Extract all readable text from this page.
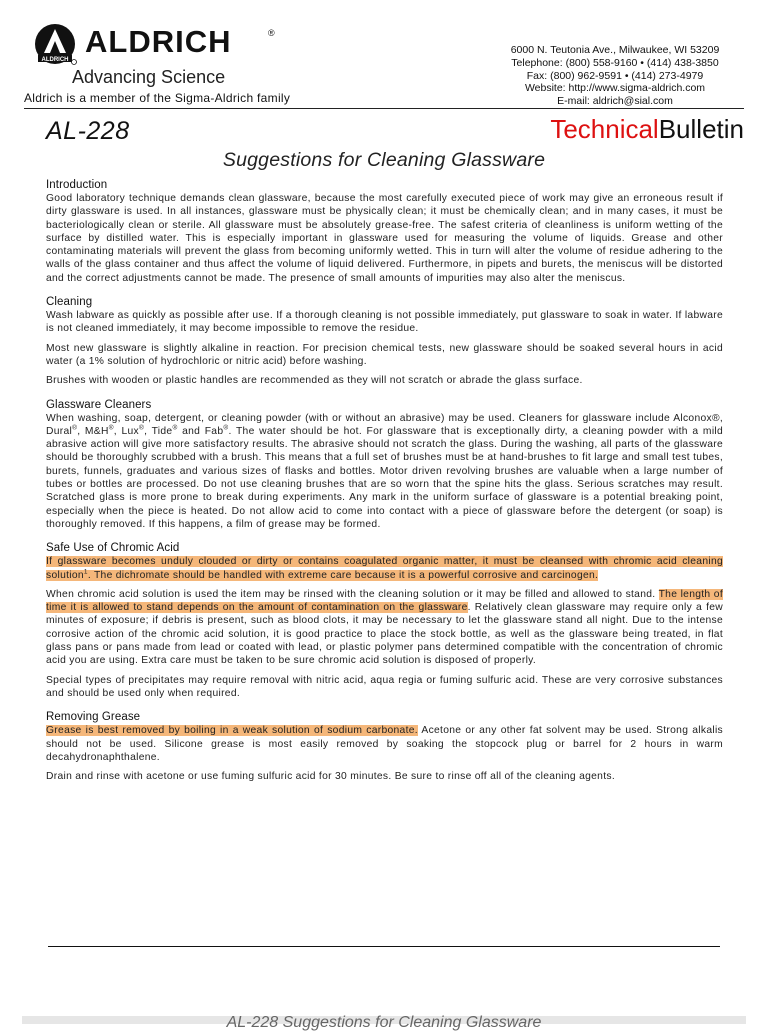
ALDRICH
ALDRICH	®
Advancing Science
Aldrich is a member of the Sigma-Aldrich family
6000 N. Teutonia Ave., Milwaukee, WI 53209
Telephone: (800) 558-9160 • (414) 438-3850
Fax: (800) 962-9591 • (414) 273-4979
Website: http://www.sigma-aldrich.com
E-mail: aldrich@sial.com
AL-228	TechnicalBulletin
Suggestions for Cleaning Glassware
Introduction

Good laboratory technique demands clean glassware, because the most carefully executed piece of work may give an erroneous result if dirty glassware is used. In all instances, glassware must be physically clean; it must be chemically clean; and in many cases, it must be bacteriologically clean or sterile. All glassware must be absolutely grease-free. The safest criteria of cleanliness is uniform wetting of the surface by distilled water. This is especially important in glassware used for measuring the volume of liquids. Grease and other contaminating materials will prevent the glass from becoming uniformly wetted. This in turn will alter the volume of residue adhering to the walls of the glass container and thus affect the volume of liquid delivered. Furthermore, in pipets and burets, the meniscus will be distorted and the correct adjustments cannot be made. The presence of small amounts of impurities may also alter the meniscus.

Cleaning

Wash labware as quickly as possible after use. If a thorough cleaning is not possible immediately, put glassware to soak in water. If labware is not cleaned immediately, it may become impossible to remove the residue.

Most new glassware is slightly alkaline in reaction. For precision chemical tests, new glassware should be soaked several hours in acid water (a 1% solution of hydrochloric or nitric acid) before washing.

Brushes with wooden or plastic handles are recommended as they will not scratch or abrade the glass surface.

Glassware Cleaners

When washing, soap, detergent, or cleaning powder (with or without an abrasive) may be used. Cleaners for glassware include Alconox®, Dural®, M&H®, Lux®, Tide® and Fab®. The water should be hot. For glassware that is exceptionally dirty, a cleaning powder with a mild abrasive action will give more satisfactory results. The abrasive should not scratch the glass. During the washing, all parts of the glassware should be thoroughly scrubbed with a brush. This means that a full set of brushes must be at hand-brushes to fit large and small test tubes, burets, funnels, graduates and various sizes of flasks and bottles. Motor driven revolving brushes are valuable when a large number of tubes or bottles are processed. Do not use cleaning brushes that are so worn that the spine hits the glass. Serious scratches may result. Scratched glass is more prone to break during experiments. Any mark in the uniform surface of glassware is a potential breaking point, especially when the piece is heated. Do not allow acid to come into contact with a piece of glassware before the detergent (or soap) is thoroughly removed. If this happens, a film of grease may be formed.

Safe Use of Chromic Acid

If glassware becomes unduly clouded or dirty or contains coagulated organic matter, it must be cleansed with chromic acid cleaning solution$^1$. The dichromate should be handled with extreme care because it is a powerful corrosive and carcinogen.

When chromic acid solution is used the item may be rinsed with the cleaning solution or it may be filled and allowed to stand. The length of time it is allowed to stand depends on the amount of contamination on the glassware. Relatively clean glassware may require only a few minutes of exposure; if debris is present, such as blood clots, it may be necessary to let the glassware stand all night. Due to the intense corrosive action of the chromic acid solution, it is good practice to place the stock bottle, as well as the glassware being treated, in flat glass pans or pans made from lead or coated with lead, or plastic polymer pans determined compatible with the concentration of chromic acid you are using. Extra care must be taken to be sure chromic acid solution is disposed of properly.

Special types of precipitates may require removal with nitric acid, aqua regia or fuming sulfuric acid. These are very corrosive substances and should be used only when required.

Removing Grease

Grease is best removed by boiling in a weak solution of sodium carbonate. Acetone or any other fat solvent may be used. Strong alkalis should not be used. Silicone grease is most easily removed by soaking the stopcock plug or barrel for 2 hours in warm decahydronaphthalene.

Drain and rinse with acetone or use fuming sulfuric acid for 30 minutes. Be sure to rinse off all of the cleaning agents.

AL-228 Suggestions for Cleaning Glassware
